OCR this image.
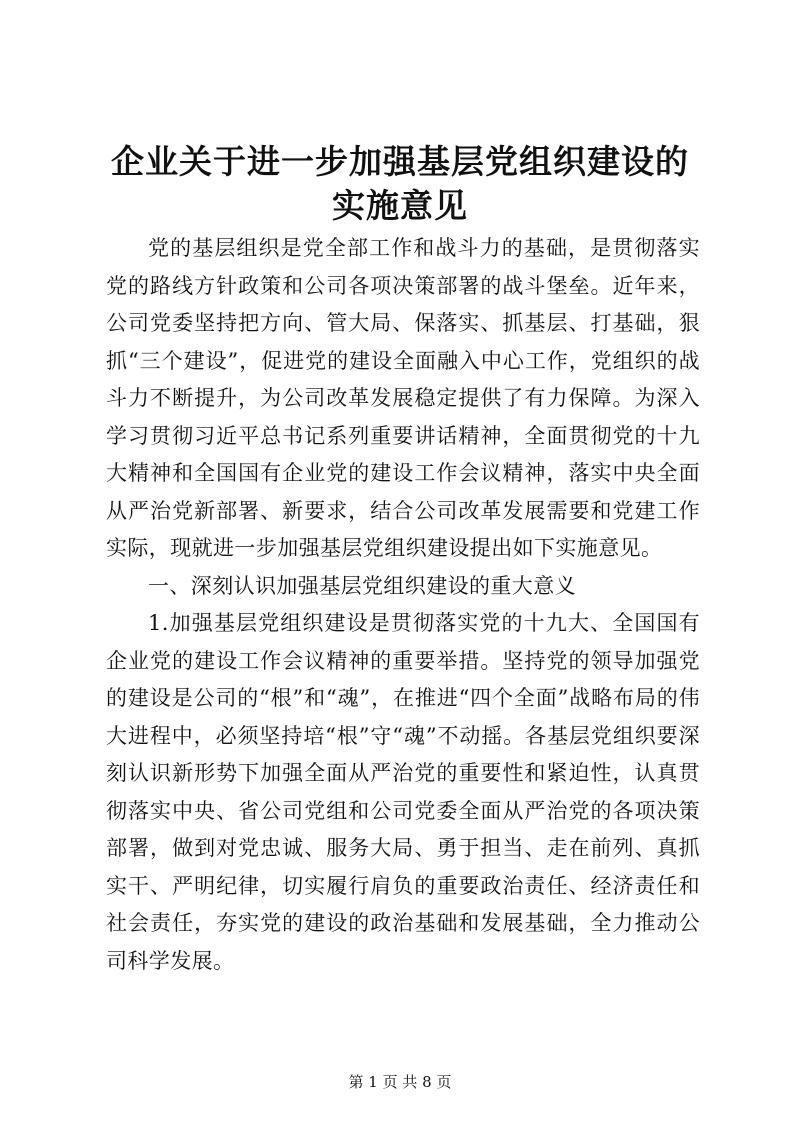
企业关于进一步加强基层党组织建设的实施意见

党的基层组织是党全部工作和战斗力的基础，是贯彻落实党的路线方针政策和公司各项决策部署的战斗堡垒。近年来，公司党委坚持把方向、管大局、保落实、抓基层、打基础，狠抓“三个建设”，促进党的建设全面融入中心工作，党组织的战斗力不断提升，为公司改革发展稳定提供了有力保障。为深入学习贯彻习近平总书记系列重要讲话精神，全面贯彻党的十九大精神和全国国有企业党的建设工作会议精神，落实中央全面从严治党新部署、新要求，结合公司改革发展需要和党建工作实际，现就进一步加强基层党组织建设提出如下实施意见。

一、深刻认识加强基层党组织建设的重大意义

1.加强基层党组织建设是贯彻落实党的十九大、全国国有企业党的建设工作会议精神的重要举措。坚持党的领导加强党的建设是公司的“根”和“魂”，在推进“四个全面”战略布局的伟大进程中，必须坚持培“根”守“魂”不动摇。各基层党组织要深刻认识新形势下加强全面从严治党的重要性和紧迫性，认真贯彻落实中央、省公司党组和公司党委全面从严治党的各项决策部署，做到对党忠诚、服务大局、勇于担当、走在前列、真抓实干、严明纪律，切实履行肩负的重要政治责任、经济责任和社会责任，夯实党的建设的政治基础和发展基础，全力推动公司科学发展。

第 1 页 共 8 页
